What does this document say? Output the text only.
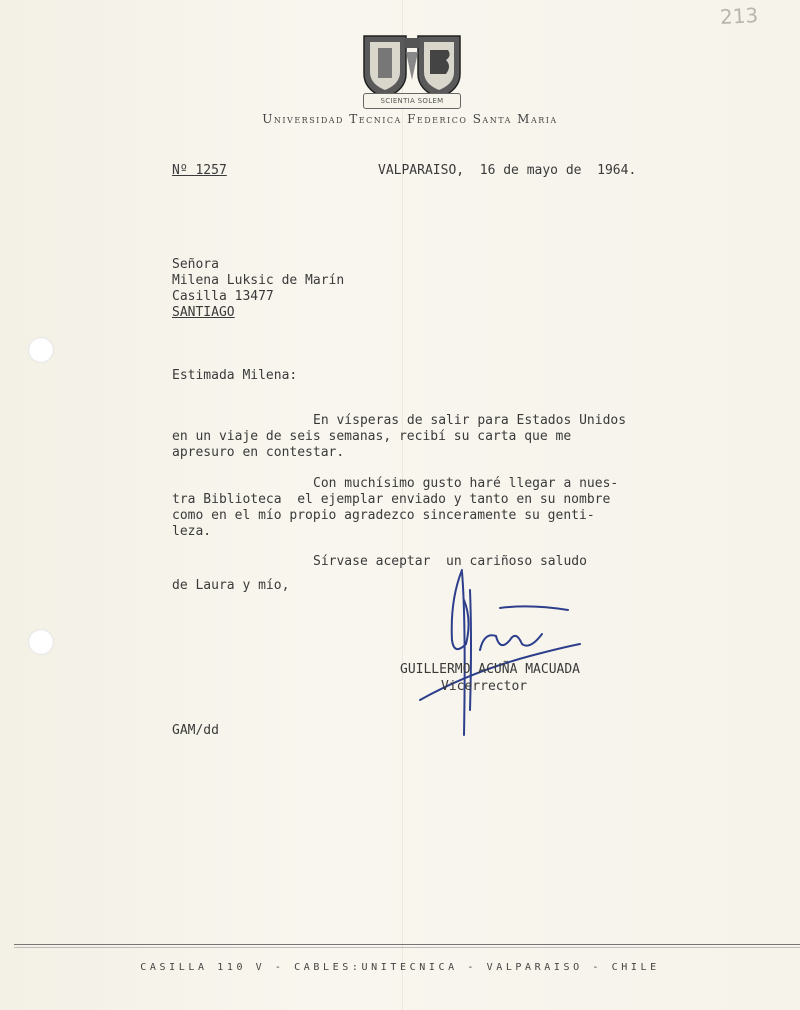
213
SCIENTIA SOLEM
Universidad Tecnica Federico Santa Maria
Nº 1257	VALPARAISO,  16 de mayo de  1964.
Señora
Milena Luksic de Marín
Casilla 13477
SANTIAGO
Estimada Milena:
En vísperas de salir para Estados Unidos
en un viaje de seis semanas, recibí su carta que me
apresuro en contestar.
Con muchísimo gusto haré llegar a nues-
tra Biblioteca  el ejemplar enviado y tanto en su nombre
como en el mío propio agradezco sinceramente su genti-
leza.
Sírvase aceptar  un cariñoso saludo
de Laura y mío,
GUILLERMO ACUÑA MACUADA
Vicerrector
GAM/dd
CASILLA 110 V - CABLES:UNITECNICA - VALPARAISO - CHILE
